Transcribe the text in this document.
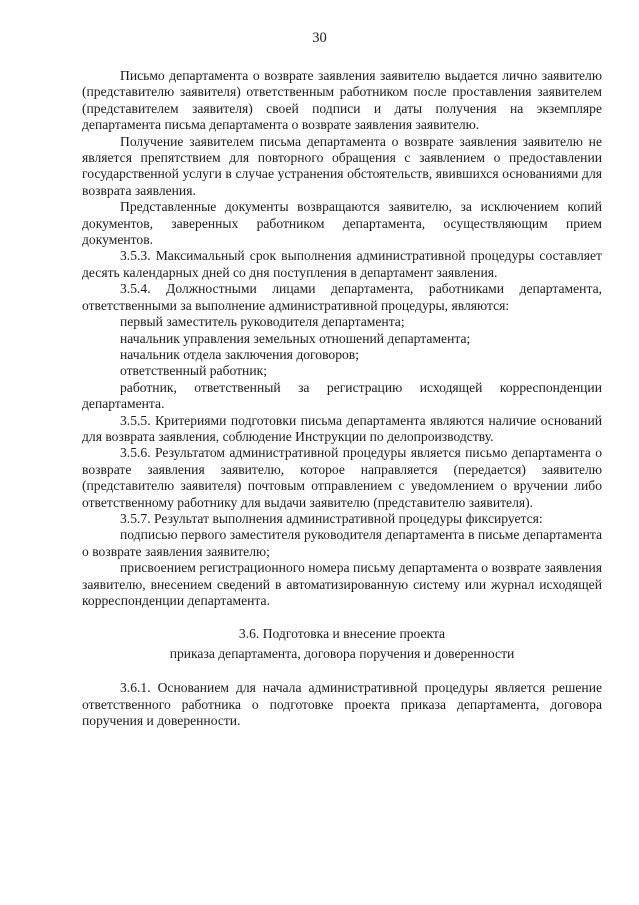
30

Письмо департамента о возврате заявления заявителю выдается лично заявителю (представителю заявителя) ответственным работником после проставления заявителем (представителем заявителя) своей подписи и даты получения на экземпляре департамента письма департамента о возврате заявления заявителю.

Получение заявителем письма департамента о возврате заявления заявителю не является препятствием для повторного обращения с заявлением о предоставлении государственной услуги в случае устранения обстоятельств, явившихся основаниями для возврата заявления.

Представленные документы возвращаются заявителю, за исключением копий документов, заверенных работником департамента, осуществляющим прием документов.

3.5.3. Максимальный срок выполнения административной процедуры составляет десять календарных дней со дня поступления в департамент заявления.

3.5.4. Должностными лицами департамента, работниками департамента, ответственными за выполнение административной процедуры, являются:

первый заместитель руководителя департамента;

начальник управления земельных отношений департамента;

начальник отдела заключения договоров;

ответственный работник;

работник, ответственный за регистрацию исходящей корреспонденции департамента.

3.5.5. Критериями подготовки письма департамента являются наличие оснований для возврата заявления, соблюдение Инструкции по делопроизводству.

3.5.6. Результатом административной процедуры является письмо департамента о возврате заявления заявителю, которое направляется (передается) заявителю (представителю заявителя) почтовым отправлением с уведомлением о вручении либо ответственному работнику для выдачи заявителю (представителю заявителя).

3.5.7. Результат выполнения административной процедуры фиксируется:

подписью первого заместителя руководителя департамента в письме департамента о возврате заявления заявителю;

присвоением регистрационного номера письму департамента о возврате заявления заявителю, внесением сведений в автоматизированную систему или журнал исходящей корреспонденции департамента.

3.6. Подготовка и внесение проекта

приказа департамента, договора поручения и доверенности

3.6.1. Основанием для начала административной процедуры является решение ответственного работника о подготовке проекта приказа департамента, договора поручения и доверенности.
